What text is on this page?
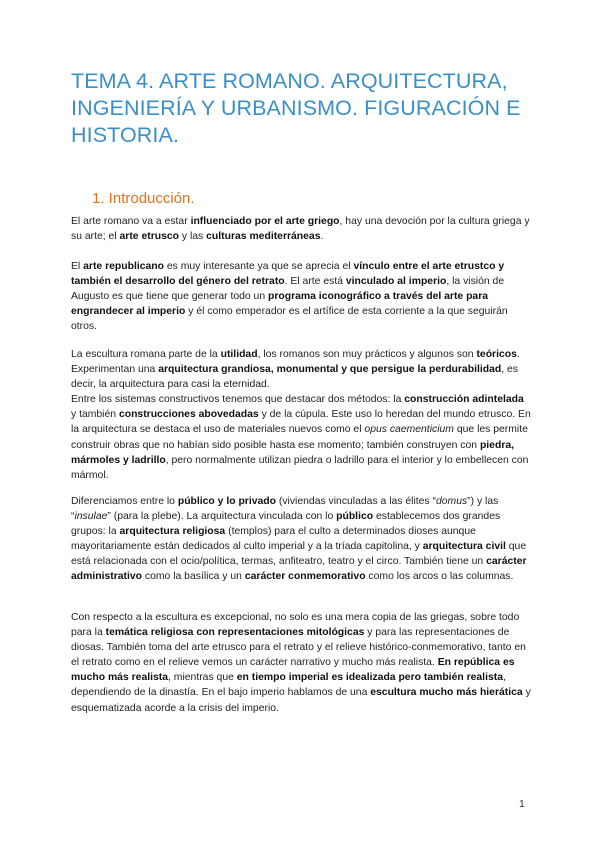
TEMA 4. ARTE ROMANO. ARQUITECTURA, INGENIERÍA Y URBANISMO. FIGURACIÓN E HISTORIA.
1. Introducción.

El arte romano va a estar influenciado por el arte griego, hay una devoción por la cultura griega y su arte; el arte etrusco y las culturas mediterráneas.

El arte republicano es muy interesante ya que se aprecia el vínculo entre el arte etrustco y también el desarrollo del género del retrato. El arte está vinculado al imperio, la visión de Augusto es que tiene que generar todo un programa iconográfico a través del arte para engrandecer al imperio y él como emperador es el artífice de esta corriente a la que seguirán otros.

La escultura romana parte de la utilidad, los romanos son muy prácticos y algunos son teóricos. Experimentan una arquitectura grandiosa, monumental y que persigue la perdurabilidad, es decir, la arquitectura para casi la eternidad.
Entre los sistemas constructivos tenemos que destacar dos métodos: la construcción adintelada y también construcciones abovedadas y de la cúpula. Este uso lo heredan del mundo etrusco. En la arquitectura se destaca el uso de materiales nuevos como el opus caementicium que les permite construir obras que no habían sido posible hasta ese momento; también construyen con piedra, mármoles y ladrillo, pero normalmente utilizan piedra o ladrillo para el interior y lo embellecen con mármol.

Diferenciamos entre lo público y lo privado (viviendas vinculadas a las élites “domus”) y las “insulae” (para la plebe). La arquitectura vinculada con lo público establecemos dos grandes grupos: la arquitectura religiosa (templos) para el culto a determinados dioses aunque mayoritariamente están dedicados al culto imperial y a la tríada capitolina, y arquitectura civil que está relacionada con el ocio/política, termas, anfiteatro, teatro y el circo. También tiene un carácter administrativo como la basílica y un carácter conmemorativo como los arcos o las columnas.

Con respecto a la escultura es excepcional, no solo es una mera copia de las griegas, sobre todo para la temática religiosa con representaciones mitológicas y para las representaciones de diosas. También toma del arte etrusco para el retrato y el relieve histórico-conmemorativo, tanto en el retrato como en el relieve vemos un carácter narrativo y mucho más realista. En república es mucho más realista, mientras que en tiempo imperial es idealizada pero también realista, dependiendo de la dinastía. En el bajo imperio hablamos de una escultura mucho más hierática y esquematizada acorde a la crisis del imperio.

1
